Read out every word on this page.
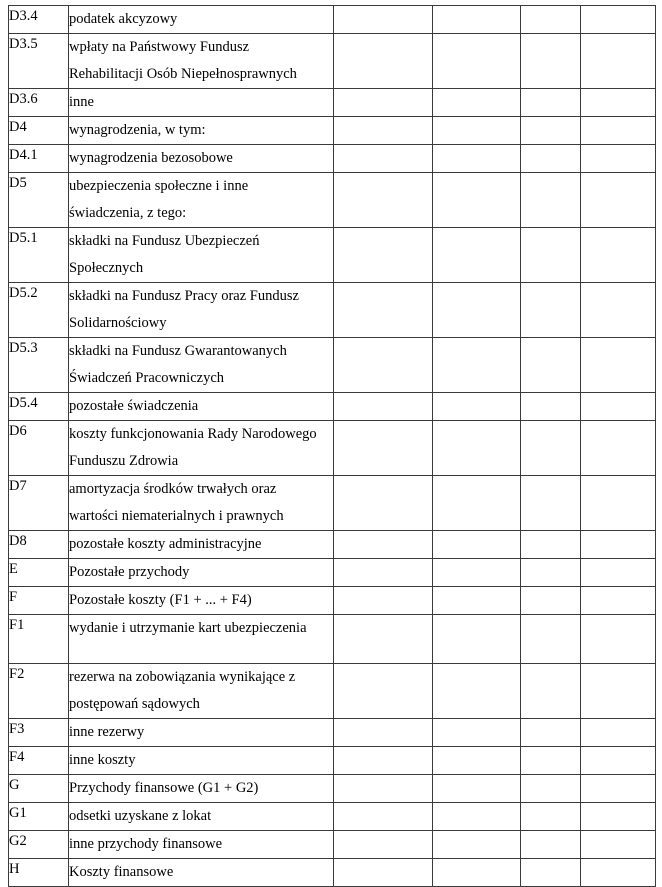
D3.4	podatek akcyzowy				

D3.5	wpłaty na Państwowy Fundusz
Rehabilitacji Osób Niepełnosprawnych				

D3.6	inne				

D4	wynagrodzenia, w tym:				

D4.1	wynagrodzenia bezosobowe				

D5	ubezpieczenia społeczne i inne
świadczenia, z tego:				

D5.1	składki na Fundusz Ubezpieczeń
Społecznych				

D5.2	składki na Fundusz Pracy oraz Fundusz
Solidarnościowy				

D5.3	składki na Fundusz Gwarantowanych
Świadczeń Pracowniczych				

D5.4	pozostałe świadczenia				

D6	koszty funkcjonowania Rady Narodowego
Funduszu Zdrowia				

D7	amortyzacja środków trwałych oraz
wartości niematerialnych i prawnych				

D8	pozostałe koszty administracyjne				

E	Pozostałe przychody				

F	Pozostałe koszty (F1 + ... + F4)				

F1	wydanie i utrzymanie kart ubezpieczenia				

F2	rezerwa na zobowiązania wynikające z
postępowań sądowych				

F3	inne rezerwy				

F4	inne koszty				

G	Przychody finansowe (G1 + G2)				

G1	odsetki uzyskane z lokat				

G2	inne przychody finansowe				

H	Koszty finansowe				
